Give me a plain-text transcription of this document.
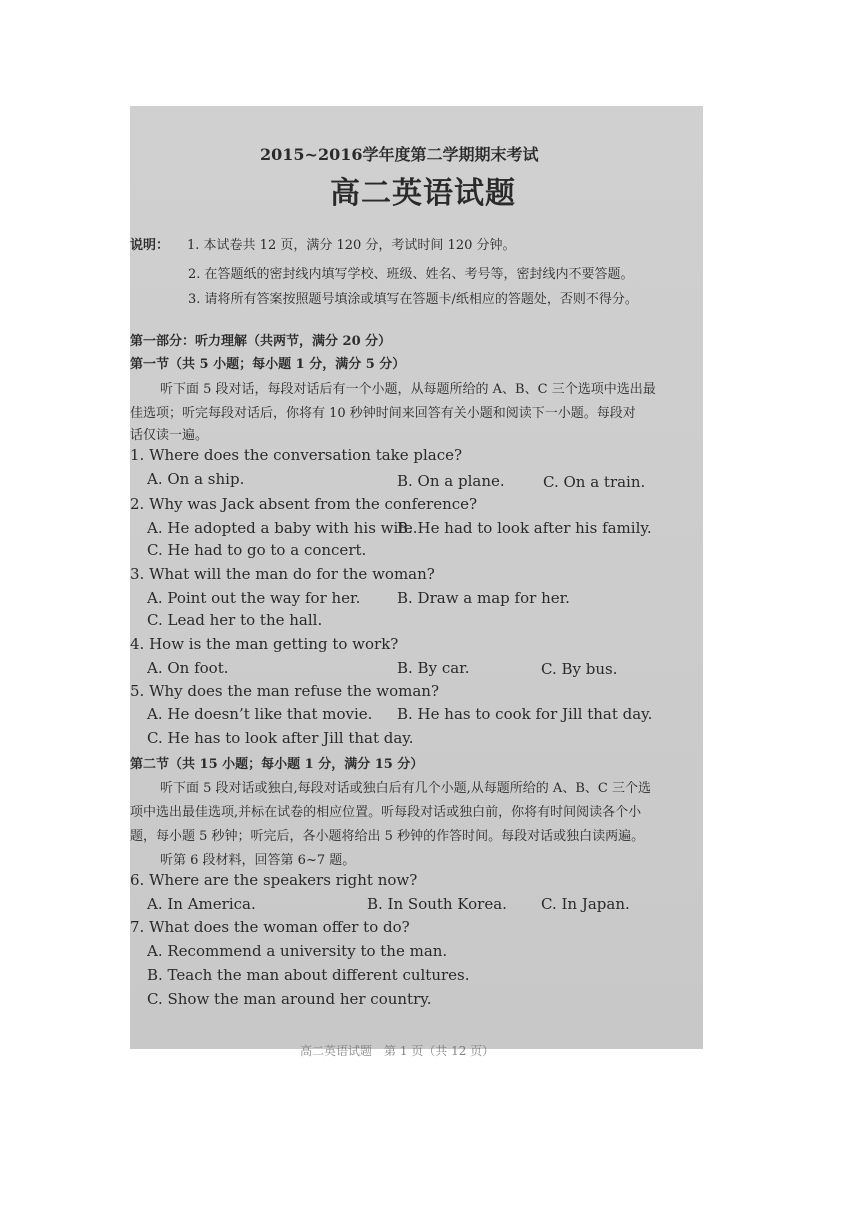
2015~2016学年度第二学期期末考试
高二英语试题
说明： 1. 本试卷共 12 页，满分 120 分，考试时间 120 分钟。
2. 在答题纸的密封线内填写学校、班级、姓名、考号等，密封线内不要答题。
3. 请将所有答案按照题号填涂或填写在答题卡/纸相应的答题处，否则不得分。
第一部分：听力理解（共两节，满分 20 分）
第一节（共 5 小题；每小题 1 分，满分 5 分）
听下面 5 段对话，每段对话后有一个小题，从每题所给的 A、B、C 三个选项中选出最
佳选项；听完每段对话后，你将有 10 秒钟时间来回答有关小题和阅读下一小题。每段对
话仅读一遍。
1. Where does the conversation take place?
A. On a ship.	B. On a plane.	C. On a train.
2. Why was Jack absent from the conference?
A. He adopted a baby with his wife.
B. He had to look after his family.
C. He had to go to a concert.
3. What will the man do for the woman?
A. Point out the way for her. B. Draw a map for her.
C. Lead her to the hall.
4. How is the man getting to work?
A. On foot.	B. By car.	C. By bus.
5. Why does the man refuse the woman?
A. He doesn’t like that movie. B. He has to cook for Jill that day.
C. He has to look after Jill that day.
第二节（共 15 小题；每小题 1 分，满分 15 分）
听下面 5 段对话或独白,每段对话或独白后有几个小题,从每题所给的 A、B、C 三个选
项中选出最佳选项,并标在试卷的相应位置。听每段对话或独白前，你将有时间阅读各个小
题，每小题 5 秒钟；听完后，各小题将给出 5 秒钟的作答时间。每段对话或独白读两遍。
听第 6 段材料，回答第 6~7 题。
6. Where are the speakers right now?
A. In America.	B. In South Korea. C. In Japan.
7. What does the woman offer to do?
A. Recommend a university to the man.
B. Teach the man about different cultures.
C. Show the man around her country.
高二英语试题　第 1 页（共 12 页）
